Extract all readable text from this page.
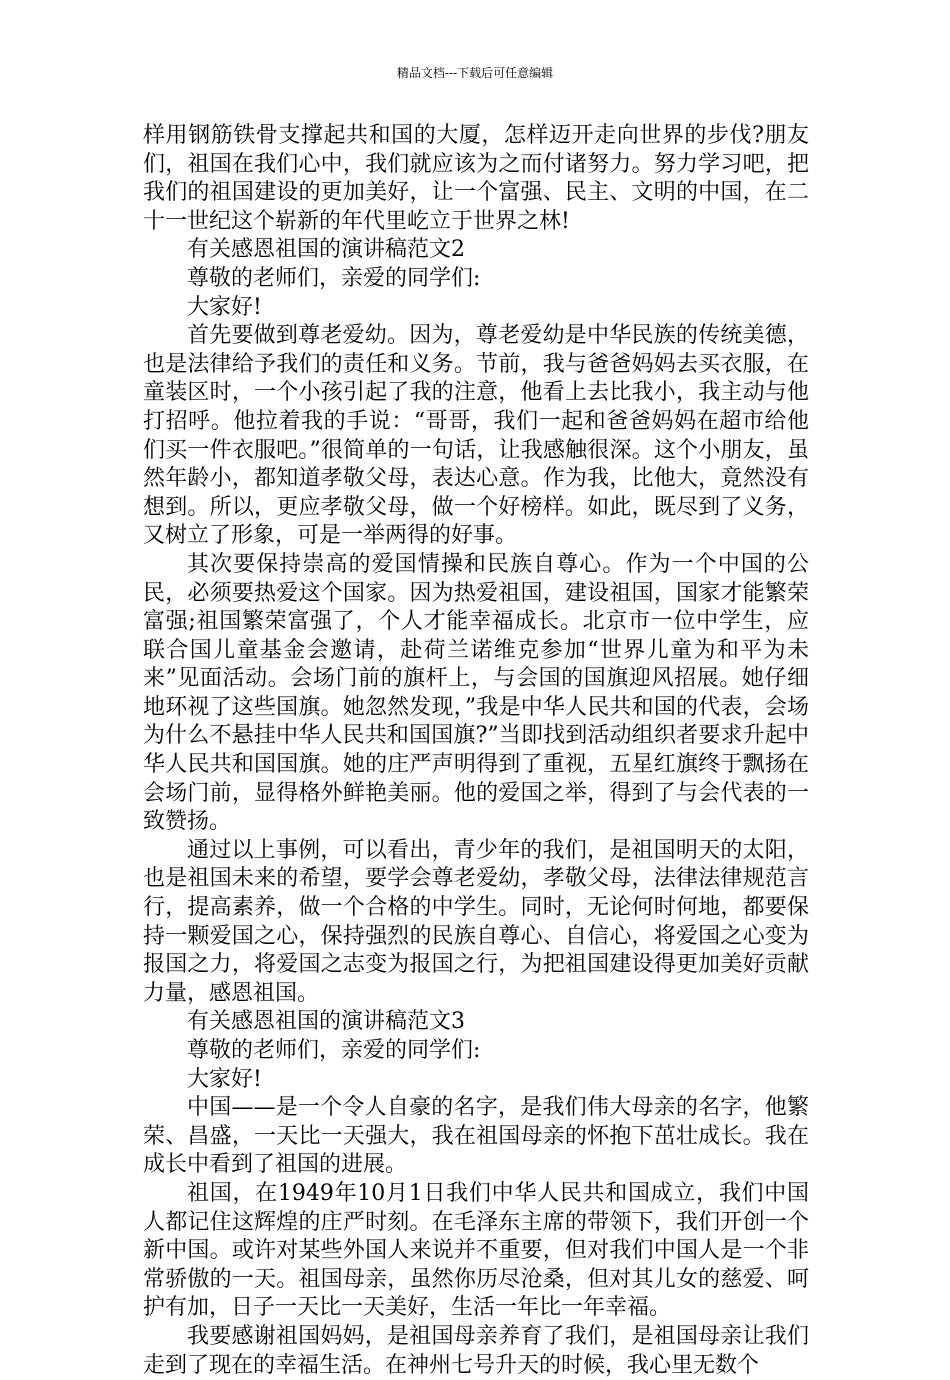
精品文档---下载后可任意编辑

样用钢筋铁骨支撑起共和国的大厦，怎样迈开走向世界的步伐?朋友们，祖国在我们心中，我们就应该为之而付诸努力。努力学习吧，把我们的祖国建设的更加美好，让一个富强、民主、文明的中国，在二十一世纪这个崭新的年代里屹立于世界之林!

有关感恩祖国的演讲稿范文2

尊敬的老师们，亲爱的同学们:

大家好!

首先要做到尊老爱幼。因为，尊老爱幼是中华民族的传统美德，也是法律给予我们的责任和义务。节前，我与爸爸妈妈去买衣服，在童装区时，一个小孩引起了我的注意，他看上去比我小，我主动与他打招呼。他拉着我的手说：“哥哥，我们一起和爸爸妈妈在超市给他们买一件衣服吧。”很简单的一句话，让我感触很深。这个小朋友，虽然年龄小，都知道孝敬父母，表达心意。作为我，比他大，竟然没有想到。所以，更应孝敬父母，做一个好榜样。如此，既尽到了义务，又树立了形象，可是一举两得的好事。

其次要保持崇高的爱国情操和民族自尊心。作为一个中国的公民，必须要热爱这个国家。因为热爱祖国，建设祖国，国家才能繁荣富强;祖国繁荣富强了，个人才能幸福成长。北京市一位中学生，应联合国儿童基金会邀请，赴荷兰诺维克参加“世界儿童为和平为未来”见面活动。会场门前的旗杆上，与会国的国旗迎风招展。她仔细地环视了这些国旗。她忽然发现，”我是中华人民共和国的代表，会场为什么不悬挂中华人民共和国国旗?”当即找到活动组织者要求升起中华人民共和国国旗。她的庄严声明得到了重视，五星红旗终于飘扬在会场门前，显得格外鲜艳美丽。他的爱国之举，得到了与会代表的一致赞扬。

通过以上事例，可以看出，青少年的我们，是祖国明天的太阳，也是祖国未来的希望，要学会尊老爱幼，孝敬父母，法律法律规范言行，提高素养，做一个合格的中学生。同时，无论何时何地，都要保持一颗爱国之心，保持强烈的民族自尊心、自信心，将爱国之心变为报国之力，将爱国之志变为报国之行，为把祖国建设得更加美好贡献力量，感恩祖国。

有关感恩祖国的演讲稿范文3

尊敬的老师们，亲爱的同学们:

大家好!

中国——是一个令人自豪的名字，是我们伟大母亲的名字，他繁荣、昌盛，一天比一天强大，我在祖国母亲的怀抱下茁壮成长。我在成长中看到了祖国的进展。

祖国，在1949年10月1日我们中华人民共和国成立，我们中国人都记住这辉煌的庄严时刻。在毛泽东主席的带领下，我们开创一个新中国。或许对某些外国人来说并不重要，但对我们中国人是一个非常骄傲的一天。祖国母亲，虽然你历尽沧桑，但对其儿女的慈爱、呵护有加，日子一天比一天美好，生活一年比一年幸福。

我要感谢祖国妈妈，是祖国母亲养育了我们，是祖国母亲让我们走到了现在的幸福生活。在神州七号升天的时候，我心里无数个
